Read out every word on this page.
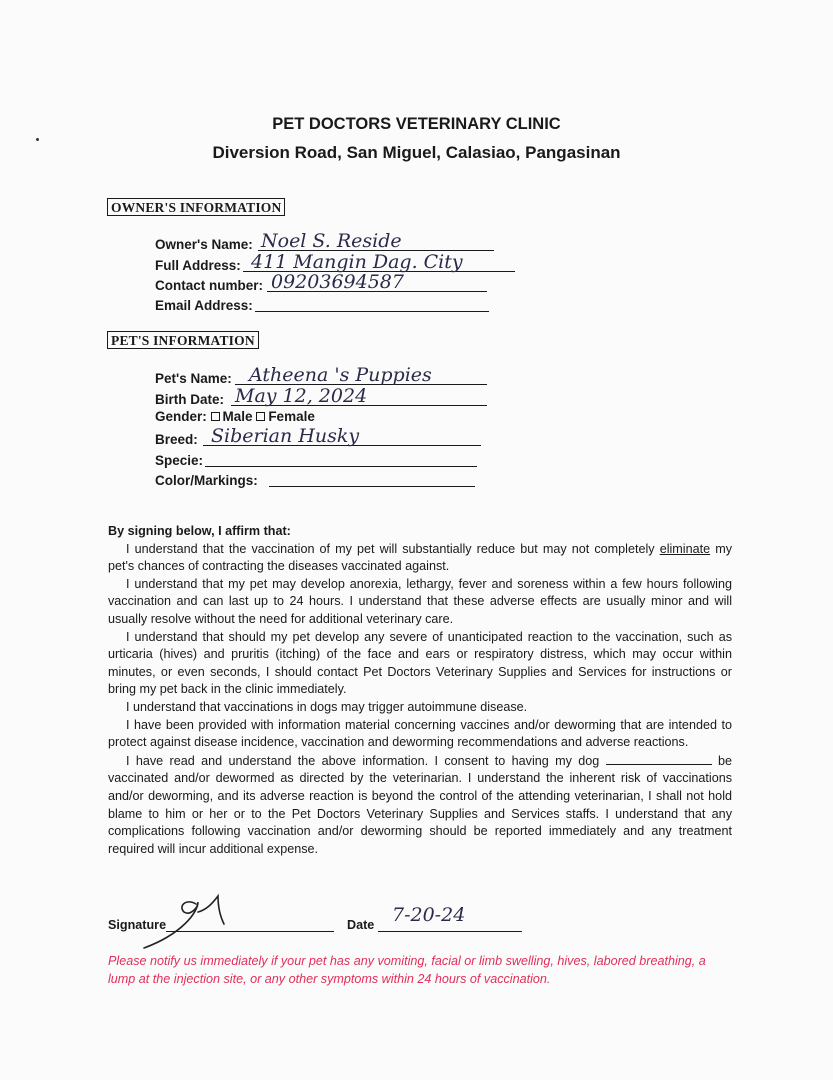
PET DOCTORS VETERINARY CLINIC
Diversion Road, San Miguel, Calasiao, Pangasinan
OWNER'S INFORMATION
Owner's Name: Noel S. Reside
Full Address: 411 Mangin Dag. City
Contact number: 09203694587
Email Address:
PET'S INFORMATION
Pet's Name: Atheena 's Puppies
Birth Date: May 12, 2024
Gender: Male Female
Breed: Siberian Husky
Specie:
Color/Markings:
By signing below, I affirm that:

I understand that the vaccination of my pet will substantially reduce but may not completely eliminate my pet's chances of contracting the diseases vaccinated against.

I understand that my pet may develop anorexia, lethargy, fever and soreness within a few hours following vaccination and can last up to 24 hours. I understand that these adverse effects are usually minor and will usually resolve without the need for additional veterinary care.

I understand that should my pet develop any severe of unanticipated reaction to the vaccination, such as urticaria (hives) and pruritis (itching) of the face and ears or respiratory distress, which may occur within minutes, or even seconds, I should contact Pet Doctors Veterinary Supplies and Services for instructions or bring my pet back in the clinic immediately.

I understand that vaccinations in dogs may trigger autoimmune disease.

I have been provided with information material concerning vaccines and/or deworming that are intended to protect against disease incidence, vaccination and deworming recommendations and adverse reactions.

I have read and understand the above information. I consent to having my dog	be vaccinated and/or dewormed as directed by the veterinarian. I understand the inherent risk of vaccinations and/or deworming, and its adverse reaction is beyond the control of the attending veterinarian, I shall not hold blame to him or her or to the Pet Doctors Veterinary Supplies and Services staffs. I understand that any complications following vaccination and/or deworming should be reported immediately and any treatment required will incur additional expense.

Signature	Date 7-20-24
Please notify us immediately if your pet has any vomiting, facial or limb swelling, hives, labored breathing, a lump at the injection site, or any other symptoms within 24 hours of vaccination.
